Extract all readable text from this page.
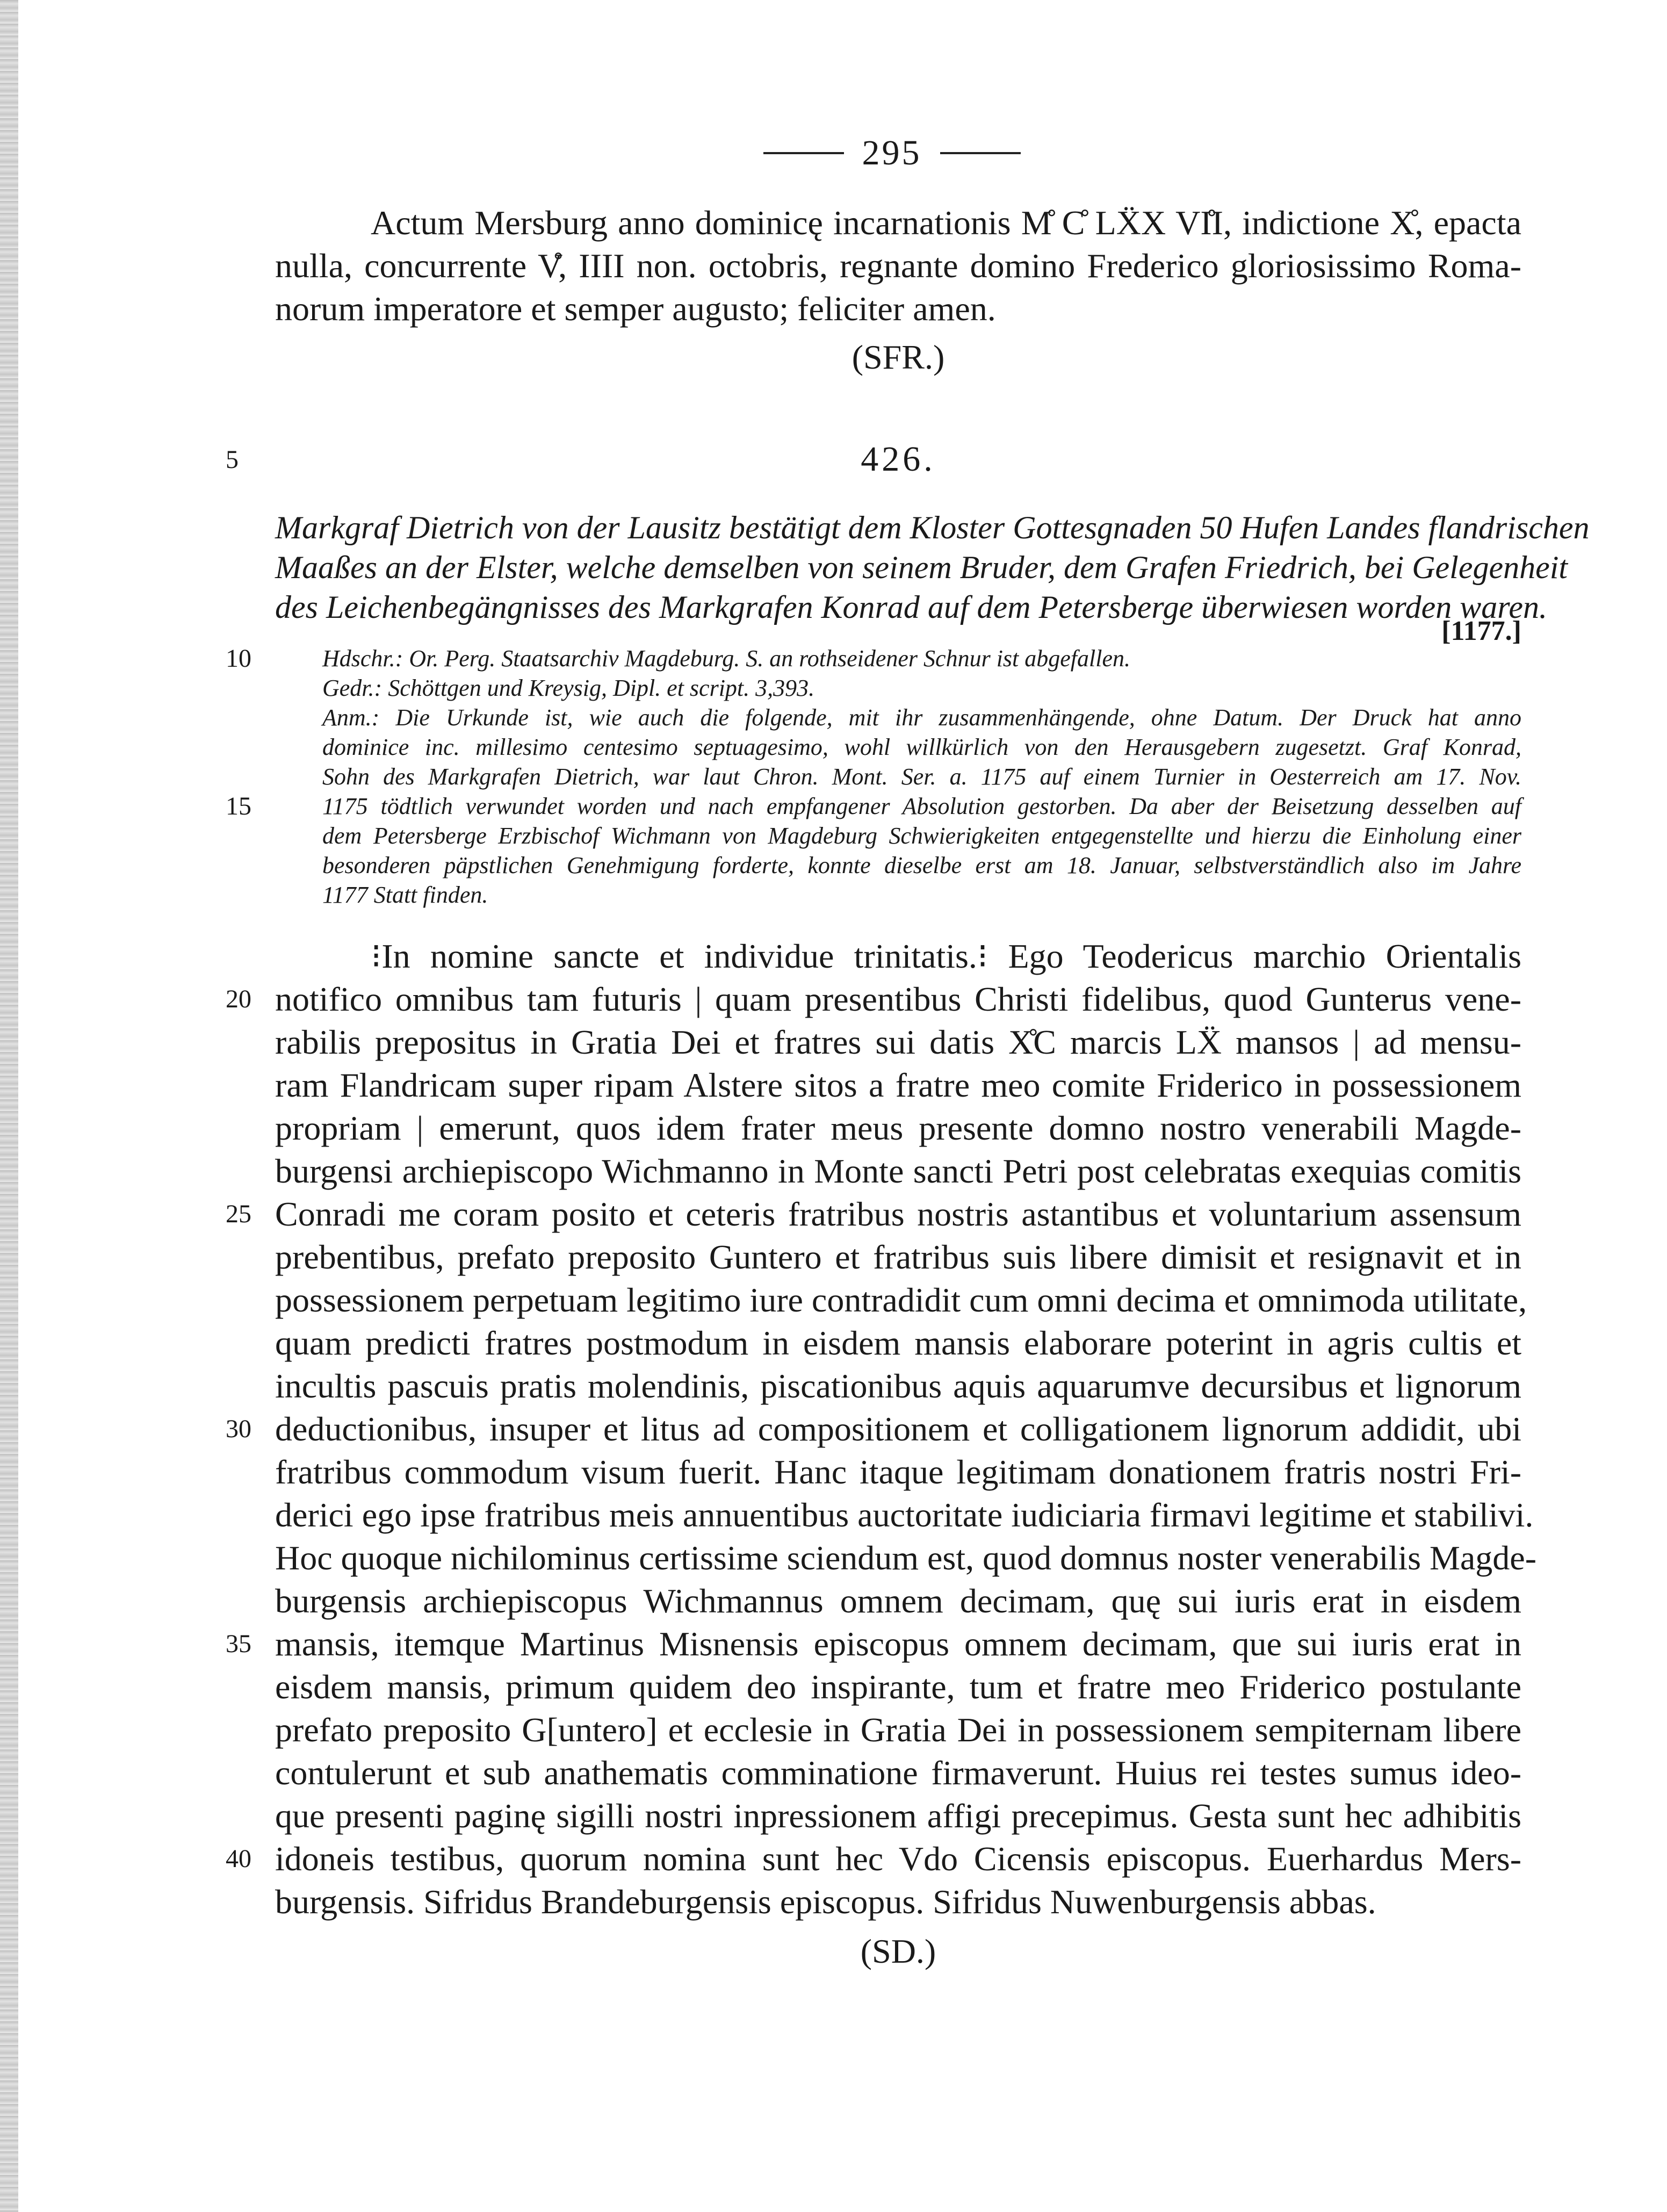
295
Actum Mersburg anno dominicę incarnationis M̊ C̊ LẌX VI̊I, indictione X̊, epacta
nulla, concurrente V̊, IIII non. octobris, regnante domino Frederico gloriosissimo Roma-
norum imperatore et semper augusto; feliciter amen.
(SFR.)
5	426.
Markgraf Dietrich von der Lausitz bestätigt dem Kloster Gottesgnaden 50 Hufen Landes flandrischen
Maaßes an der Elster, welche demselben von seinem Bruder, dem Grafen Friedrich, bei Gelegenheit
des Leichenbegängnisses des Markgrafen Konrad auf dem Petersberge überwiesen worden waren.
[1177.]
10	Hdschr.: Or. Perg. Staatsarchiv Magdeburg. S. an rothseidener Schnur ist abgefallen.
Gedr.: Schöttgen und Kreysig, Dipl. et script. 3,393.
Anm.: Die Urkunde ist, wie auch die folgende, mit ihr zusammenhängende, ohne Datum. Der Druck hat anno
dominice inc. millesimo centesimo septuagesimo, wohl willkürlich von den Herausgebern zugesetzt. Graf Konrad,
Sohn des Markgrafen Dietrich, war laut Chron. Mont. Ser. a. 1175 auf einem Turnier in Oesterreich am 17. Nov.
15	1175 tödtlich verwundet worden und nach empfangener Absolution gestorben. Da aber der Beisetzung desselben auf
dem Petersberge Erzbischof Wichmann von Magdeburg Schwierigkeiten entgegenstellte und hierzu die Einholung einer
besonderen päpstlichen Genehmigung forderte, konnte dieselbe erst am 18. Januar, selbstverständlich also im Jahre
1177 Statt finden.
⁝In nomine sancte et individue trinitatis.⁝ Ego Teodericus marchio Orientalis
20 notifico omnibus tam futuris | quam presentibus Christi fidelibus, quod Gunterus vene-
rabilis prepositus in Gratia Dei et fratres sui datis X̊C marcis LẌ mansos | ad mensu-
ram Flandricam super ripam Alstere sitos a fratre meo comite Friderico in possessionem
propriam | emerunt, quos idem frater meus presente domno nostro venerabili Magde-
burgensi archiepiscopo Wichmanno in Monte sancti Petri post celebratas exequias comitis
25 Conradi me coram posito et ceteris fratribus nostris astantibus et voluntarium assensum
prebentibus, prefato preposito Guntero et fratribus suis libere dimisit et resignavit et in
possessionem perpetuam legitimo iure contradidit cum omni decima et omnimoda utilitate,
quam predicti fratres postmodum in eisdem mansis elaborare poterint in agris cultis et
incultis pascuis pratis molendinis, piscationibus aquis aquarumve decursibus et lignorum
30 deductionibus, insuper et litus ad compositionem et colligationem lignorum addidit, ubi
fratribus commodum visum fuerit. Hanc itaque legitimam donationem fratris nostri Fri-
derici ego ipse fratribus meis annuentibus auctoritate iudiciaria firmavi legitime et stabilivi.
Hoc quoque nichilominus certissime sciendum est, quod domnus noster venerabilis Magde-
burgensis archiepiscopus Wichmannus omnem decimam, quę sui iuris erat in eisdem
35 mansis, itemque Martinus Misnensis episcopus omnem decimam, que sui iuris erat in
eisdem mansis, primum quidem deo inspirante, tum et fratre meo Friderico postulante
prefato preposito G[untero] et ecclesie in Gratia Dei in possessionem sempiternam libere
contulerunt et sub anathematis comminatione firmaverunt. Huius rei testes sumus ideo-
que presenti paginę sigilli nostri inpressionem affigi precepimus. Gesta sunt hec adhibitis
40 idoneis testibus, quorum nomina sunt hec Vdo Cicensis episcopus. Euerhardus Mers-
burgensis. Sifridus Brandeburgensis episcopus. Sifridus Nuwenburgensis abbas.
(SD.)
